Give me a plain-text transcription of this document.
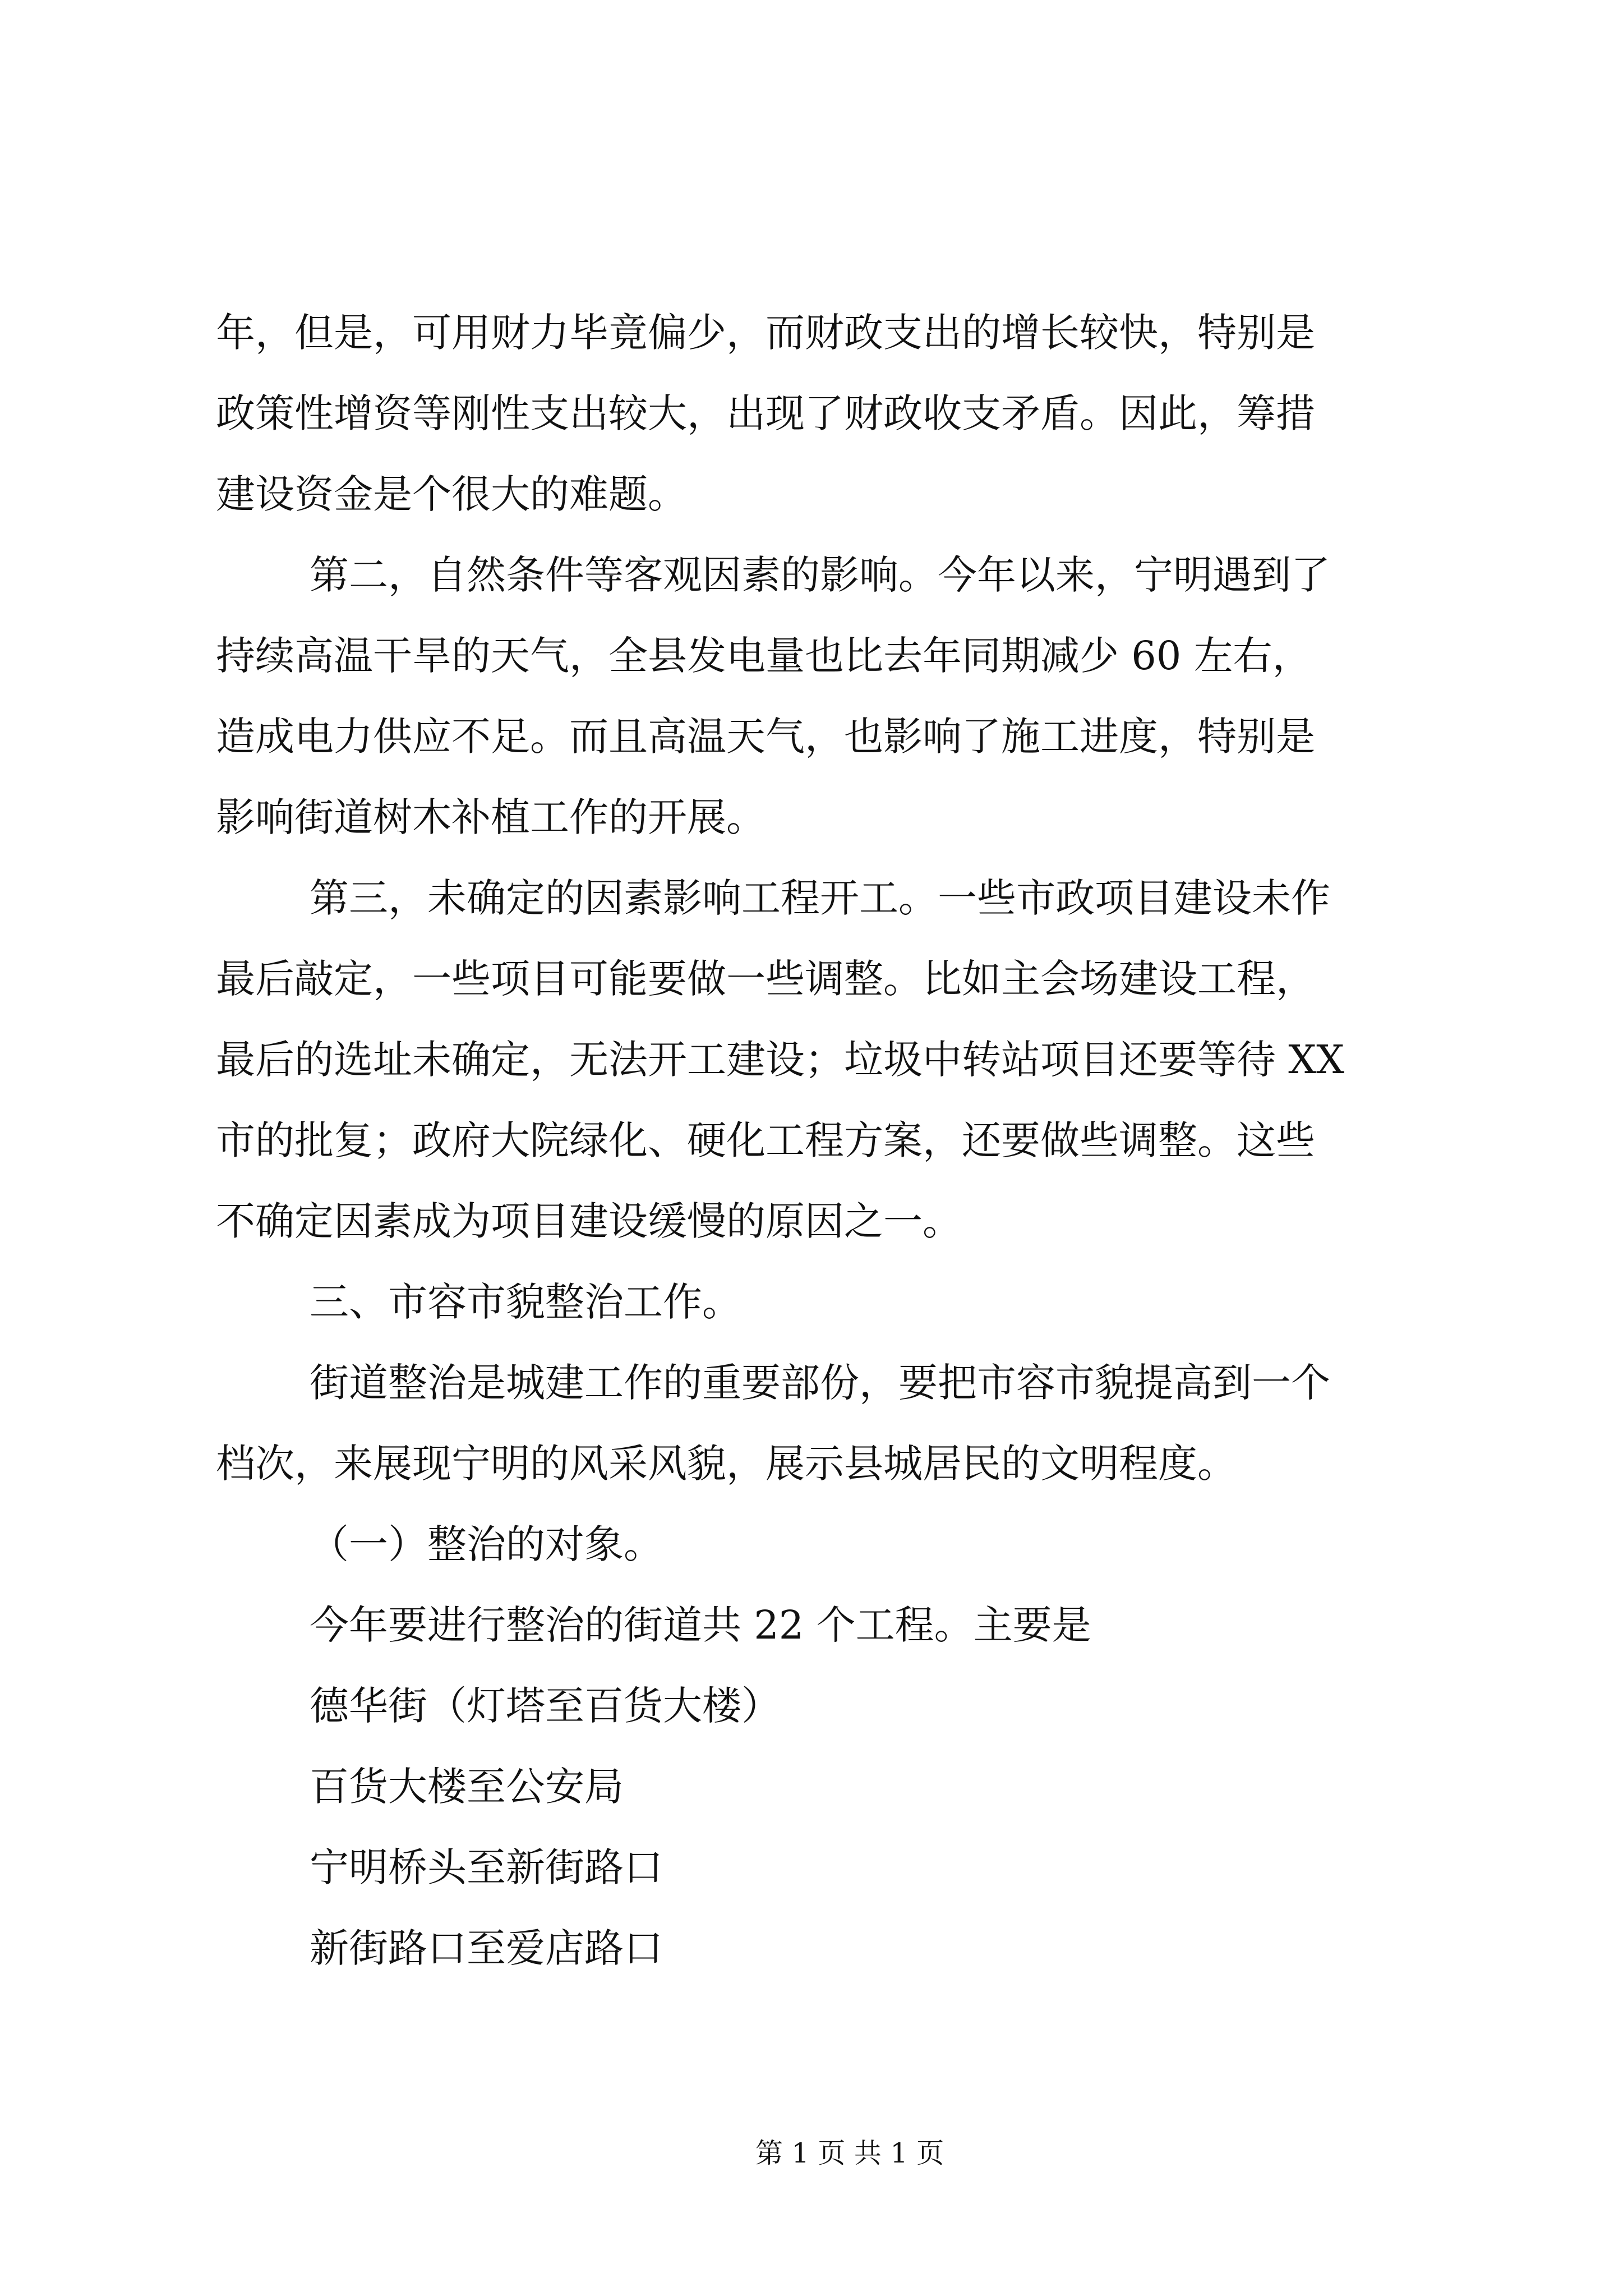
年，但是，可用财力毕竟偏少，而财政支出的增长较快，特别是
政策性增资等刚性支出较大，出现了财政收支矛盾。因此，筹措
建设资金是个很大的难题。
第二，自然条件等客观因素的影响。今年以来，宁明遇到了
持续高温干旱的天气，全县发电量也比去年同期减少 60 左右，
造成电力供应不足。而且高温天气，也影响了施工进度，特别是
影响街道树木补植工作的开展。
第三，未确定的因素影响工程开工。一些市政项目建设未作
最后敲定，一些项目可能要做一些调整。比如主会场建设工程，
最后的选址未确定，无法开工建设；垃圾中转站项目还要等待 XX
市的批复；政府大院绿化、硬化工程方案，还要做些调整。这些
不确定因素成为项目建设缓慢的原因之一。
三、市容市貌整治工作。
街道整治是城建工作的重要部份，要把市容市貌提高到一个
档次，来展现宁明的风采风貌，展示县城居民的文明程度。
（一）整治的对象。
今年要进行整治的街道共 22 个工程。主要是
德华街（灯塔至百货大楼）
百货大楼至公安局
宁明桥头至新街路口
新街路口至爱店路口
第 1 页 共 1 页
